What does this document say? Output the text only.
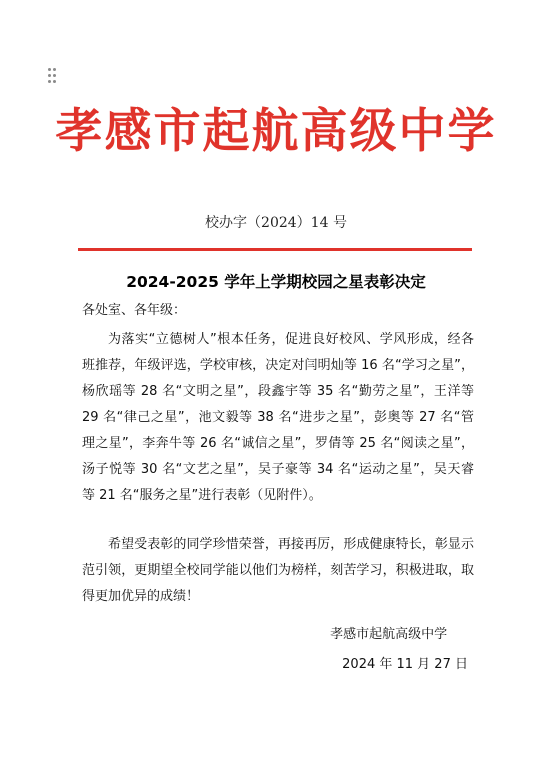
孝感市起航高级中学
校办字（2024）14 号
2024-2025 学年上学期校园之星表彰决定
各处室、各年级：
为落实“立德树人”根本任务，促进良好校风、学风形成，经各
班推荐，年级评选，学校审核，决定对闫明灿等 16 名“学习之星”，
杨欣瑶等 28 名“文明之星”，段鑫宇等 35 名“勤劳之星”，王洋等
29 名“律己之星”，池文毅等 38 名“进步之星”，彭奥等 27 名“管
理之星”，李奔牛等 26 名“诚信之星”，罗倩等 25 名“阅读之星”，
汤子悦等 30 名“文艺之星”，吴子豪等 34 名“运动之星”，吴天睿
等 21 名“服务之星”进行表彰（见附件）。
希望受表彰的同学珍惜荣誉，再接再厉，形成健康特长，彰显示
范引领，更期望全校同学能以他们为榜样，刻苦学习，积极进取，取
得更加优异的成绩！
孝感市起航高级中学
2024 年 11 月 27 日
